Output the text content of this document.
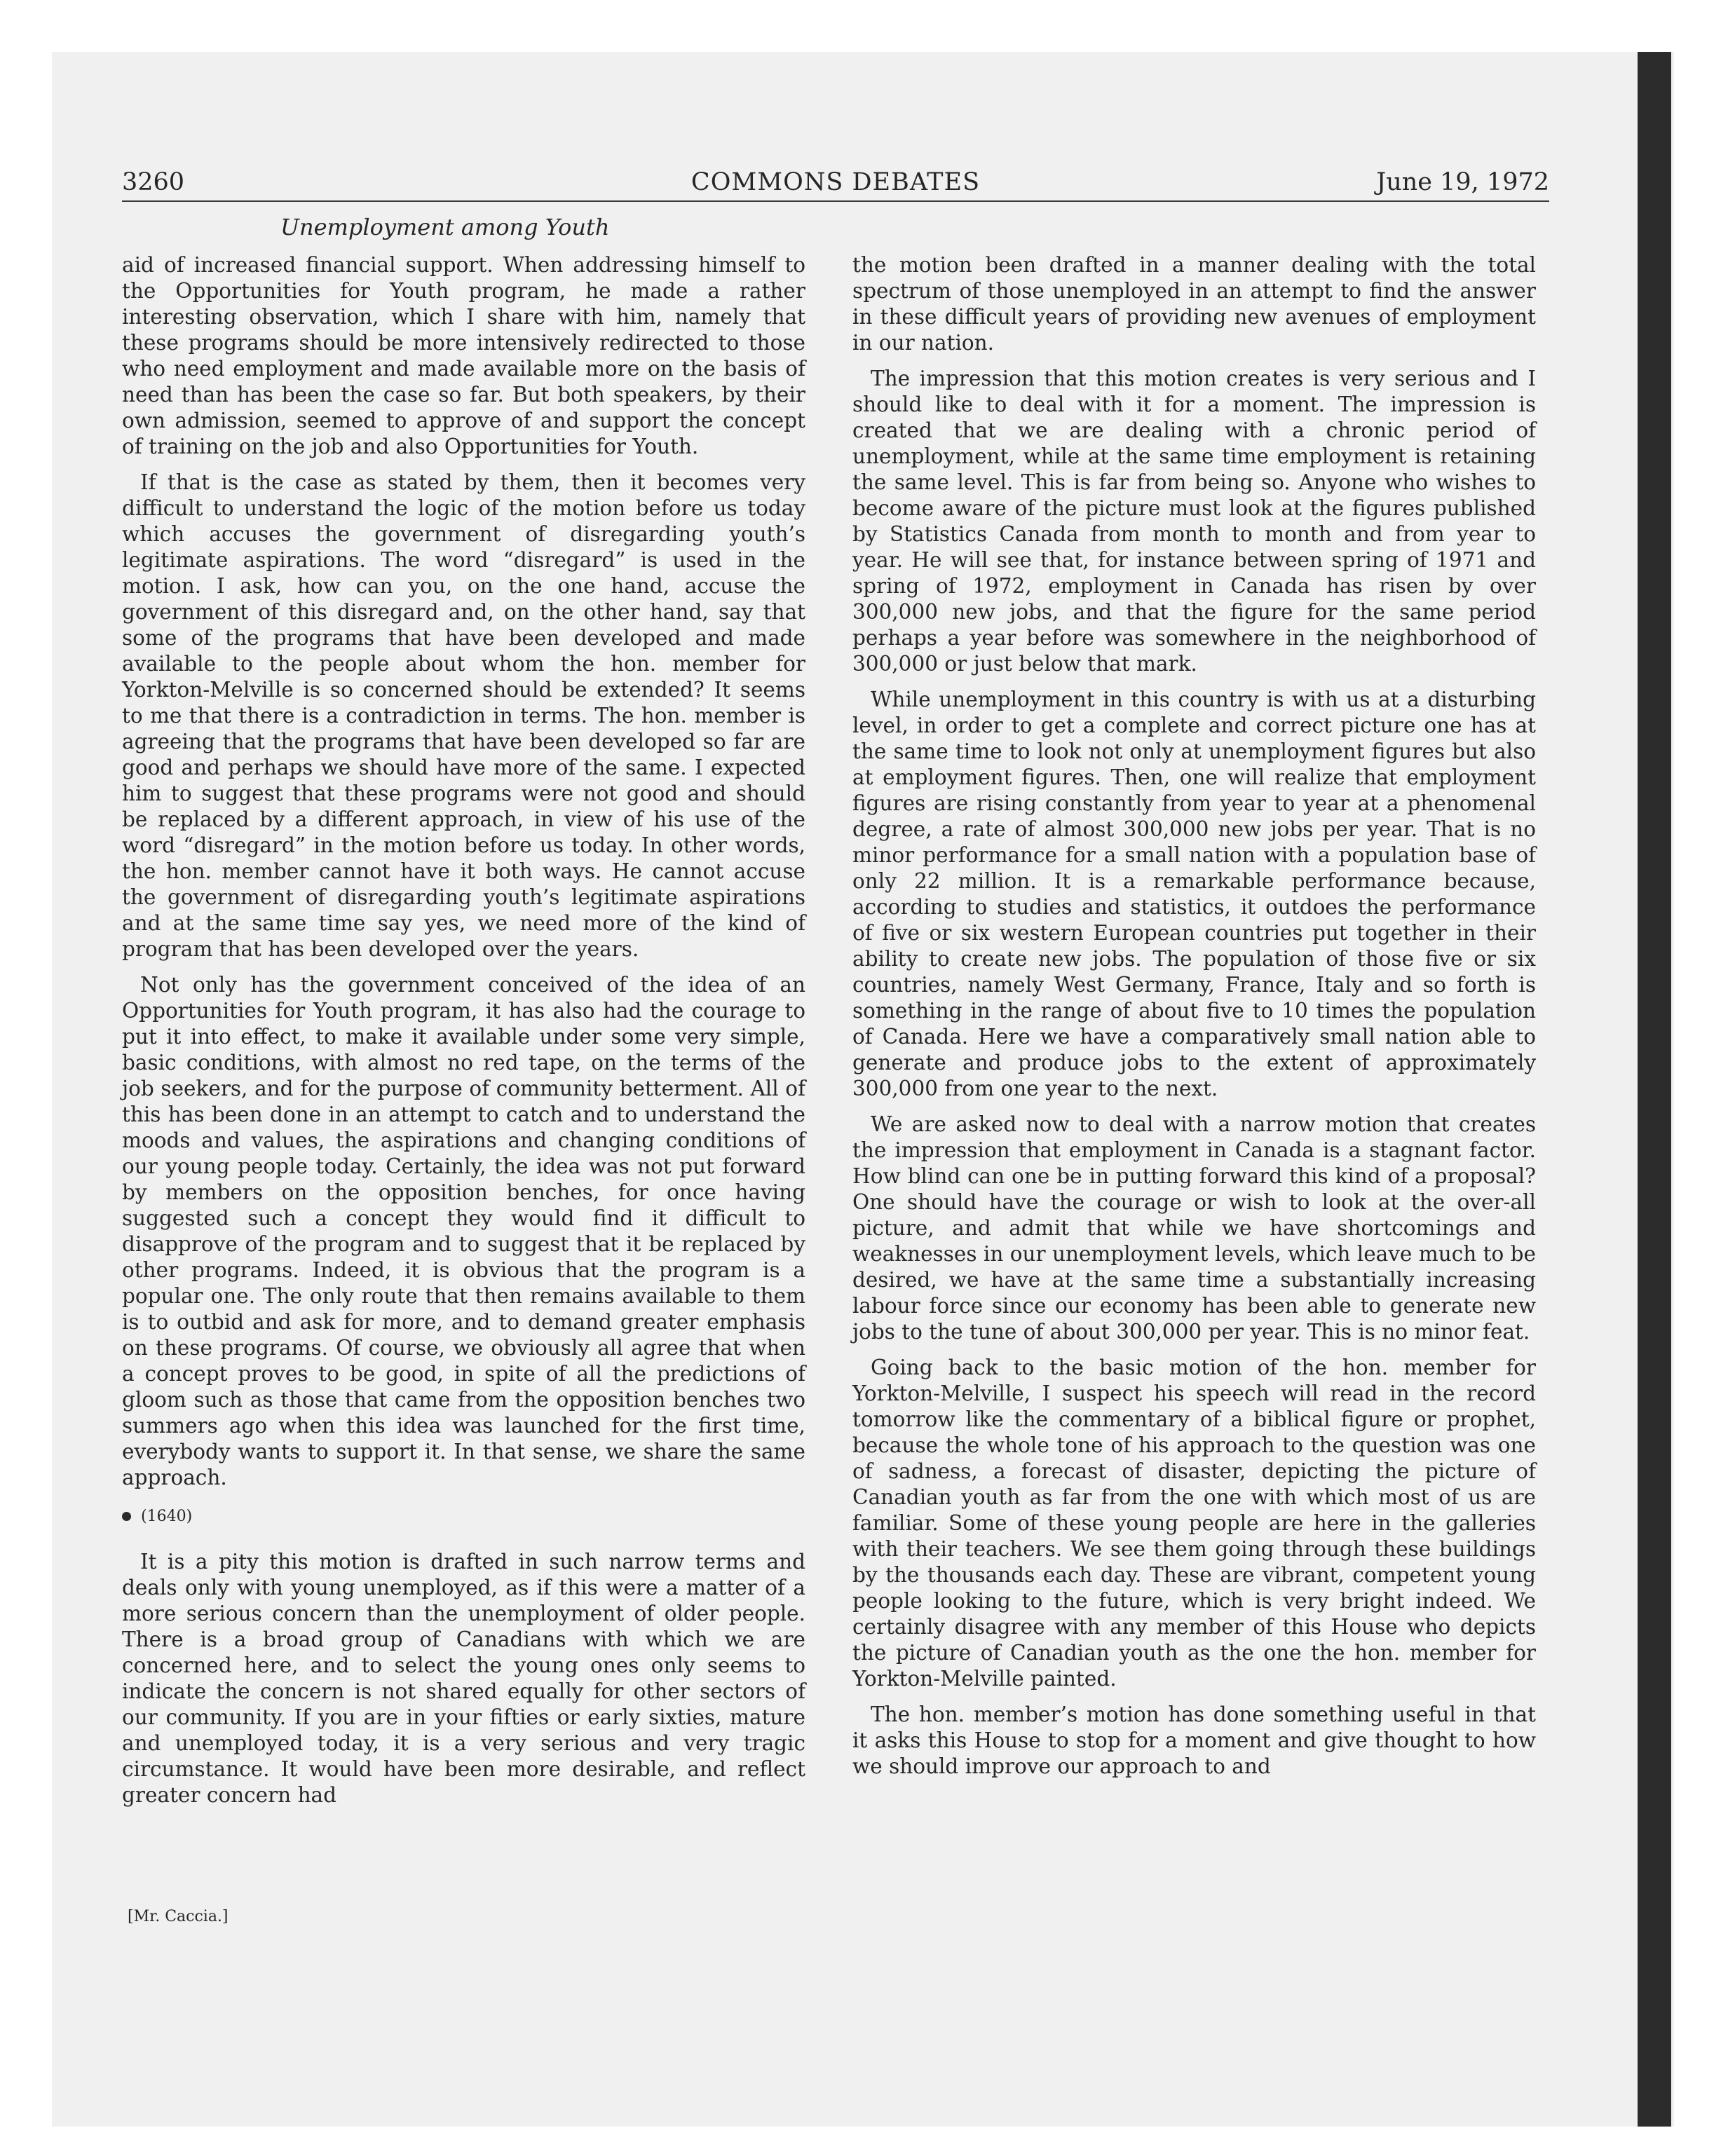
3260	COMMONS DEBATES	June 19, 1972
Unemployment among Youth

aid of increased financial support. When addressing himself to the Opportunities for Youth program, he made a rather interesting observation, which I share with him, namely that these programs should be more intensively redirected to those who need employment and made available more on the basis of need than has been the case so far. But both speakers, by their own admission, seemed to approve of and support the concept of training on the job and also Opportunities for Youth.

If that is the case as stated by them, then it becomes very difficult to understand the logic of the motion before us today which accuses the government of disregarding youth’s legitimate aspirations. The word “disregard” is used in the motion. I ask, how can you, on the one hand, accuse the government of this disregard and, on the other hand, say that some of the programs that have been developed and made available to the people about whom the hon. member for Yorkton-Melville is so concerned should be extended? It seems to me that there is a contradiction in terms. The hon. member is agreeing that the programs that have been developed so far are good and perhaps we should have more of the same. I expected him to suggest that these programs were not good and should be replaced by a different approach, in view of his use of the word “disregard” in the motion before us today. In other words, the hon. member cannot have it both ways. He cannot accuse the government of disregarding youth’s legitimate aspirations and at the same time say yes, we need more of the kind of program that has been developed over the years.

Not only has the government conceived of the idea of an Opportunities for Youth program, it has also had the courage to put it into effect, to make it available under some very simple, basic conditions, with almost no red tape, on the terms of the job seekers, and for the purpose of community betterment. All of this has been done in an attempt to catch and to understand the moods and values, the aspirations and changing conditions of our young people today. Certainly, the idea was not put forward by members on the opposition benches, for once having suggested such a concept they would find it difficult to disapprove of the program and to suggest that it be replaced by other programs. Indeed, it is obvious that the program is a popular one. The only route that then remains available to them is to outbid and ask for more, and to demand greater emphasis on these programs. Of course, we obviously all agree that when a concept proves to be good, in spite of all the predictions of gloom such as those that came from the opposition benches two summers ago when this idea was launched for the first time, everybody wants to support it. In that sense, we share the same approach.

(1640)

It is a pity this motion is drafted in such narrow terms and deals only with young unemployed, as if this were a matter of a more serious concern than the unemployment of older people. There is a broad group of Canadians with which we are concerned here, and to select the young ones only seems to indicate the concern is not shared equally for other sectors of our community. If you are in your fifties or early sixties, mature and unemployed today, it is a very serious and very tragic circumstance. It would have been more desirable, and reflect greater concern had

[Mr. Caccia.]

the motion been drafted in a manner dealing with the total spectrum of those unemployed in an attempt to find the answer in these difficult years of providing new avenues of employment in our nation.

The impression that this motion creates is very serious and I should like to deal with it for a moment. The impression is created that we are dealing with a chronic period of unemployment, while at the same time employment is retaining the same level. This is far from being so. Anyone who wishes to become aware of the picture must look at the figures published by Statistics Canada from month to month and from year to year. He will see that, for instance between spring of 1971 and spring of 1972, employment in Canada has risen by over 300,000 new jobs, and that the figure for the same period perhaps a year before was somewhere in the neighborhood of 300,000 or just below that mark.

While unemployment in this country is with us at a disturbing level, in order to get a complete and correct picture one has at the same time to look not only at unemployment figures but also at employment figures. Then, one will realize that employment figures are rising constantly from year to year at a phenomenal degree, a rate of almost 300,000 new jobs per year. That is no minor performance for a small nation with a population base of only 22 million. It is a remarkable performance because, according to studies and statistics, it outdoes the performance of five or six western European countries put together in their ability to create new jobs. The population of those five or six countries, namely West Germany, France, Italy and so forth is something in the range of about five to 10 times the population of Canada. Here we have a comparatively small nation able to generate and produce jobs to the extent of approximately 300,000 from one year to the next.

We are asked now to deal with a narrow motion that creates the impression that employment in Canada is a stagnant factor. How blind can one be in putting forward this kind of a proposal? One should have the courage or wish to look at the over-all picture, and admit that while we have shortcomings and weaknesses in our unemployment levels, which leave much to be desired, we have at the same time a substantially increasing labour force since our economy has been able to generate new jobs to the tune of about 300,000 per year. This is no minor feat.

Going back to the basic motion of the hon. member for Yorkton-Melville, I suspect his speech will read in the record tomorrow like the commentary of a biblical figure or prophet, because the whole tone of his approach to the question was one of sadness, a forecast of disaster, depicting the picture of Canadian youth as far from the one with which most of us are familiar. Some of these young people are here in the galleries with their teachers. We see them going through these buildings by the thousands each day. These are vibrant, competent young people looking to the future, which is very bright indeed. We certainly disagree with any member of this House who depicts the picture of Canadian youth as the one the hon. member for Yorkton-Melville painted.

The hon. member’s motion has done something useful in that it asks this House to stop for a moment and give thought to how we should improve our approach to and
